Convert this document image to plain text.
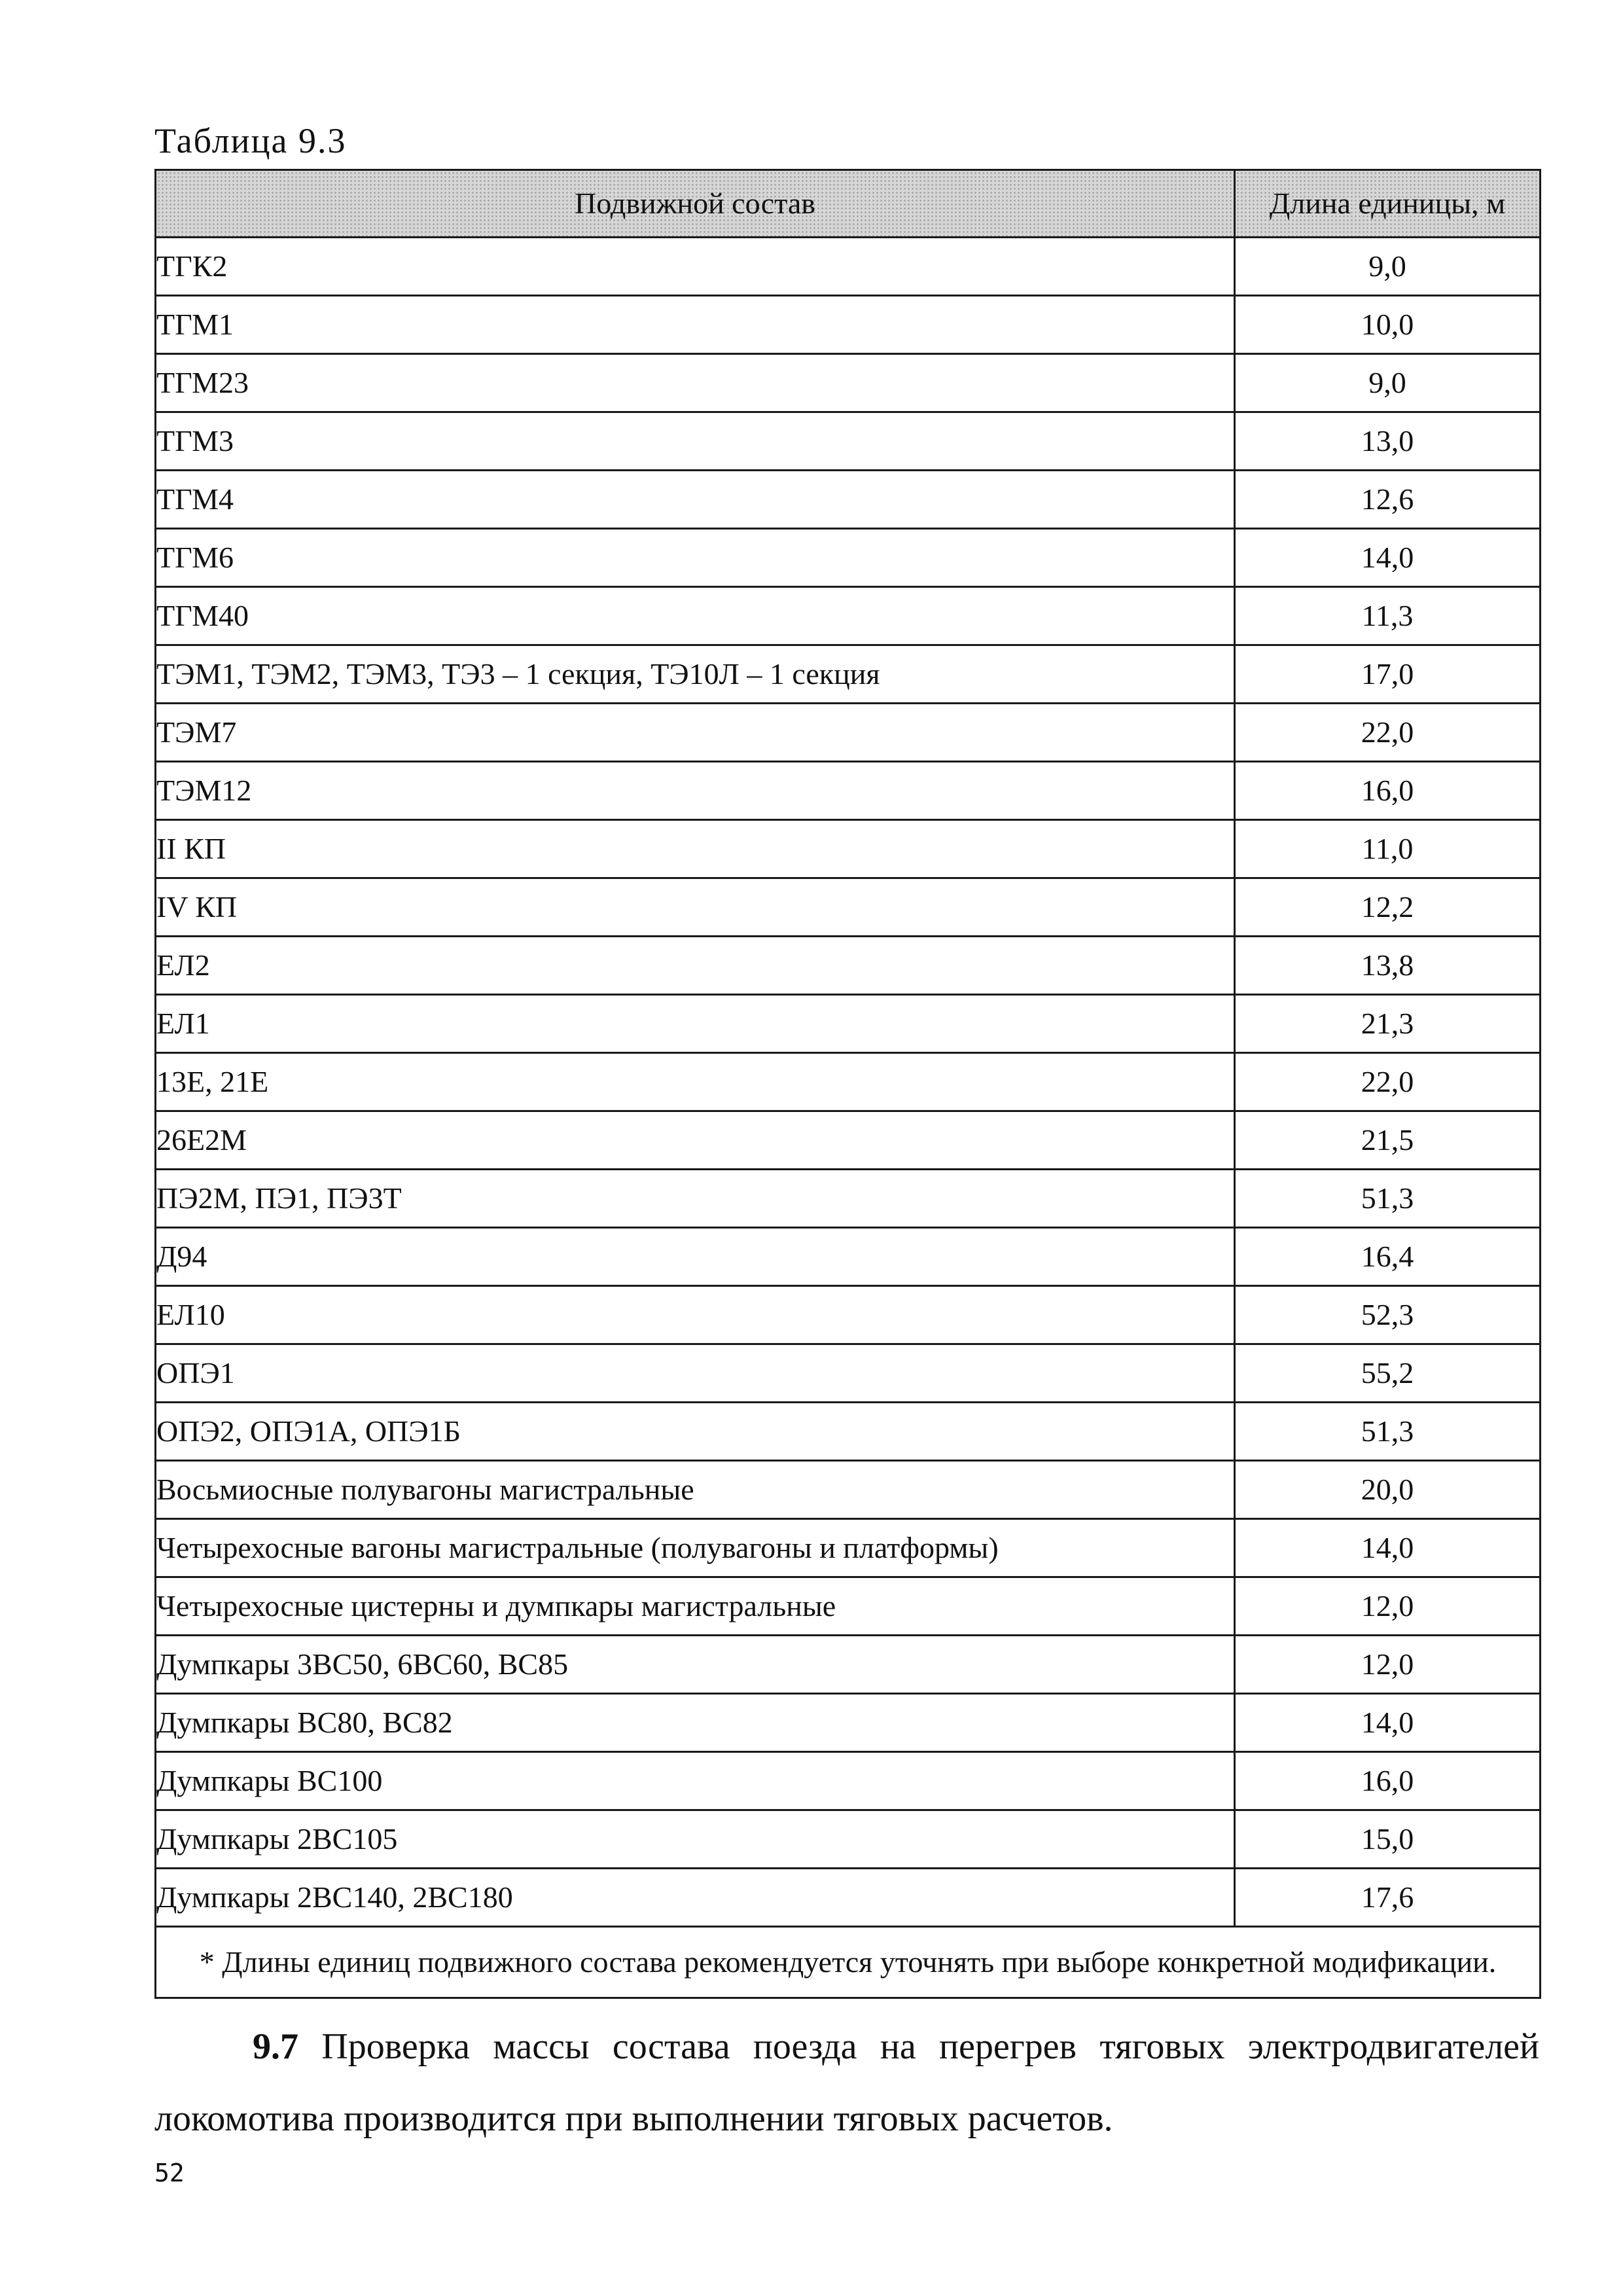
Таблица 9.3
Подвижной состав	Длина единицы, м
ТГК2	9,0
ТГМ1	10,0
ТГМ23	9,0
ТГМ3	13,0
ТГМ4	12,6
ТГМ6	14,0
ТГМ40	11,3
ТЭМ1, ТЭМ2, ТЭМ3, ТЭ3 – 1 секция, ТЭ10Л – 1 секция	17,0
ТЭМ7	22,0
ТЭМ12	16,0
II КП	11,0
IV КП	12,2
ЕЛ2	13,8
ЕЛ1	21,3
13Е, 21Е	22,0
26Е2М	21,5
ПЭ2М, ПЭ1, ПЭ3Т	51,3
Д94	16,4
ЕЛ10	52,3
ОПЭ1	55,2
ОПЭ2, ОПЭ1А, ОПЭ1Б	51,3
Восьмиосные полувагоны магистральные	20,0
Четырехосные вагоны магистральные (полувагоны и платформы)	14,0
Четырехосные цистерны и думпкары магистральные	12,0
Думпкары 3ВС50, 6ВС60, ВС85	12,0
Думпкары ВС80, ВС82	14,0
Думпкары ВС100	16,0
Думпкары 2ВС105	15,0
Думпкары 2ВС140, 2ВС180	17,6
* Длины единиц подвижного состава рекомендуется уточнять при выборе конкретной модификации.	

9.7 Проверка массы состава поезда на перегрев тяговых электродвигателей локомотива производится при выполнении тяговых расчетов.

52
